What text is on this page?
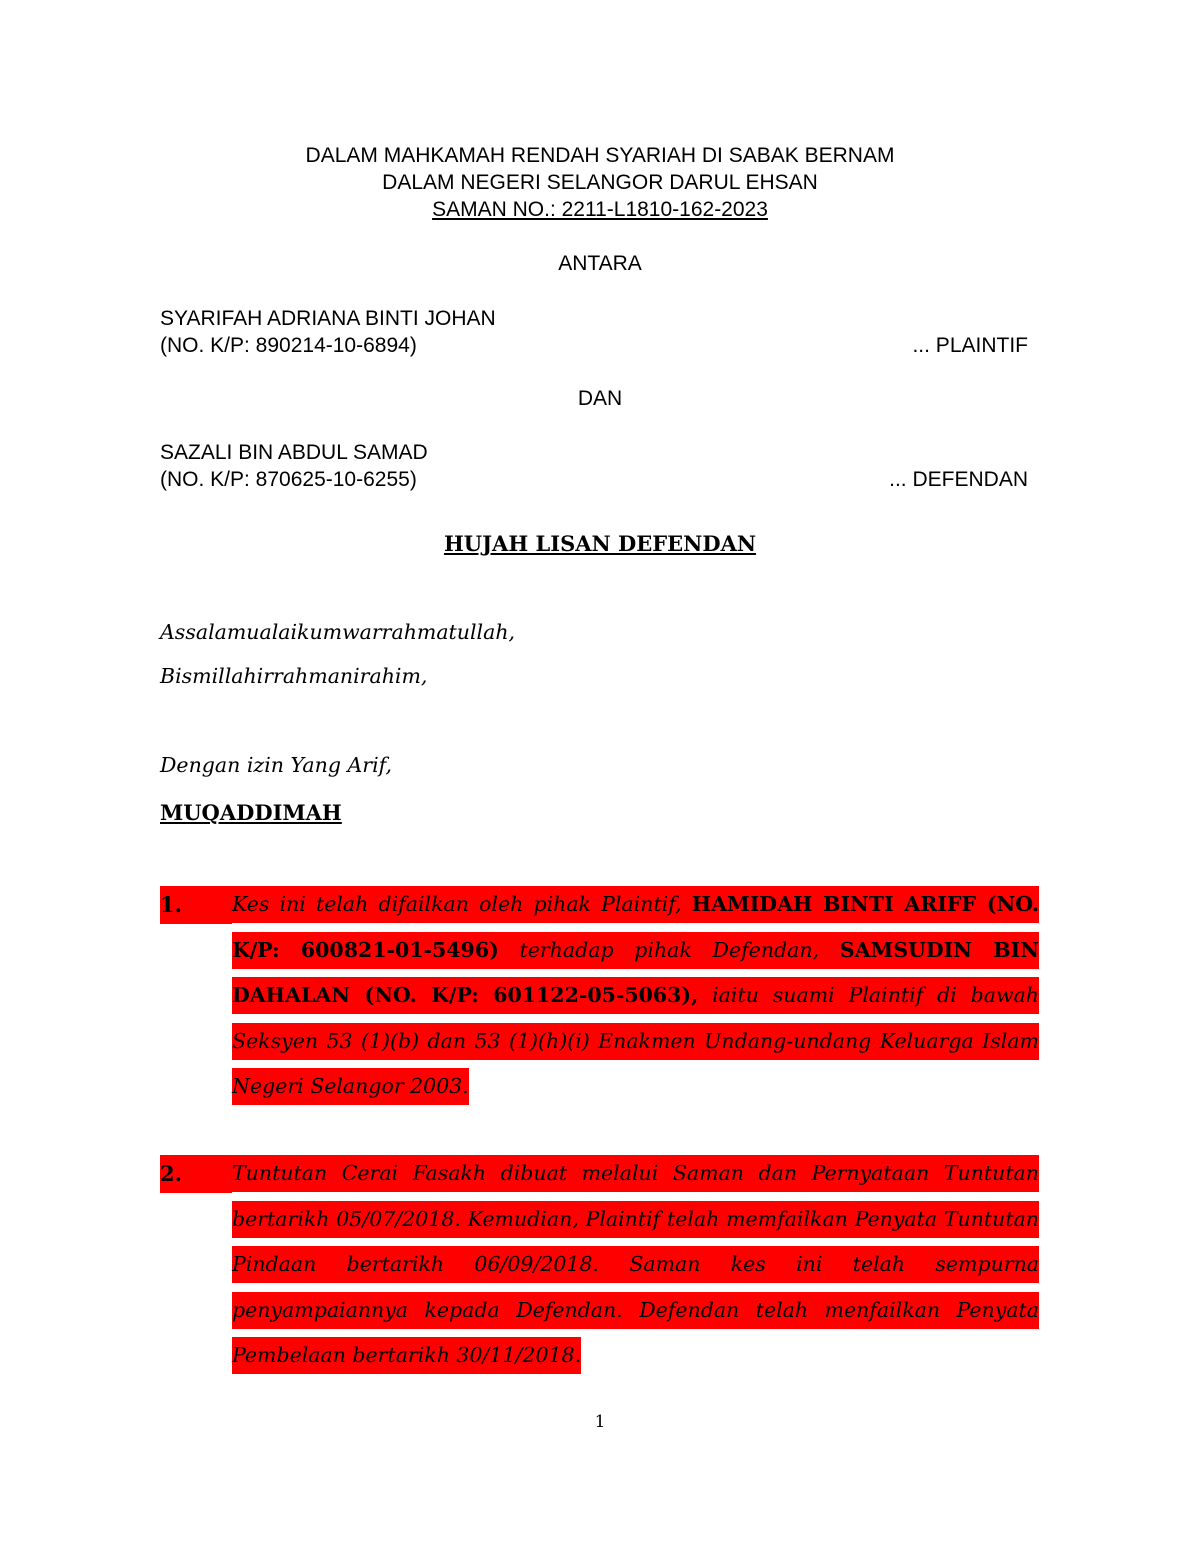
DALAM MAHKAMAH RENDAH SYARIAH DI SABAK BERNAM
DALAM NEGERI SELANGOR DARUL EHSAN
SAMAN NO.: 2211-L1810-162-2023
ANTARA
SYARIFAH ADRIANA BINTI JOHAN
(NO. K/P: 890214-10-6894)	... PLAINTIF
DAN
SAZALI BIN ABDUL SAMAD
(NO. K/P: 870625-10-6255)	... DEFENDAN
HUJAH LISAN DEFENDAN
Assalamualaikumwarrahmatullah,
Bismillahirrahmanirahim,
Dengan izin Yang Arif,
MUQADDIMAH
1.	Kes ini telah difailkan oleh pihak Plaintif, HAMIDAH BINTI ARIFF (NO. K/P: 600821-01-5496) terhadap pihak Defendan, SAMSUDIN BIN DAHALAN (NO. K/P: 601122-05-5063), iaitu suami Plaintif di bawah Seksyen 53 (1)(b) dan 53 (1)(h)(i) Enakmen Undang-undang Keluarga Islam Negeri Selangor 2003.
2.	Tuntutan Cerai Fasakh dibuat melalui Saman dan Pernyataan Tuntutan bertarikh 05/07/2018. Kemudian, Plaintif telah memfailkan Penyata Tuntutan Pindaan bertarikh 06/09/2018. Saman kes ini telah sempurna penyampaiannya kepada Defendan. Defendan telah menfailkan Penyata Pembelaan bertarikh 30/11/2018.
1
